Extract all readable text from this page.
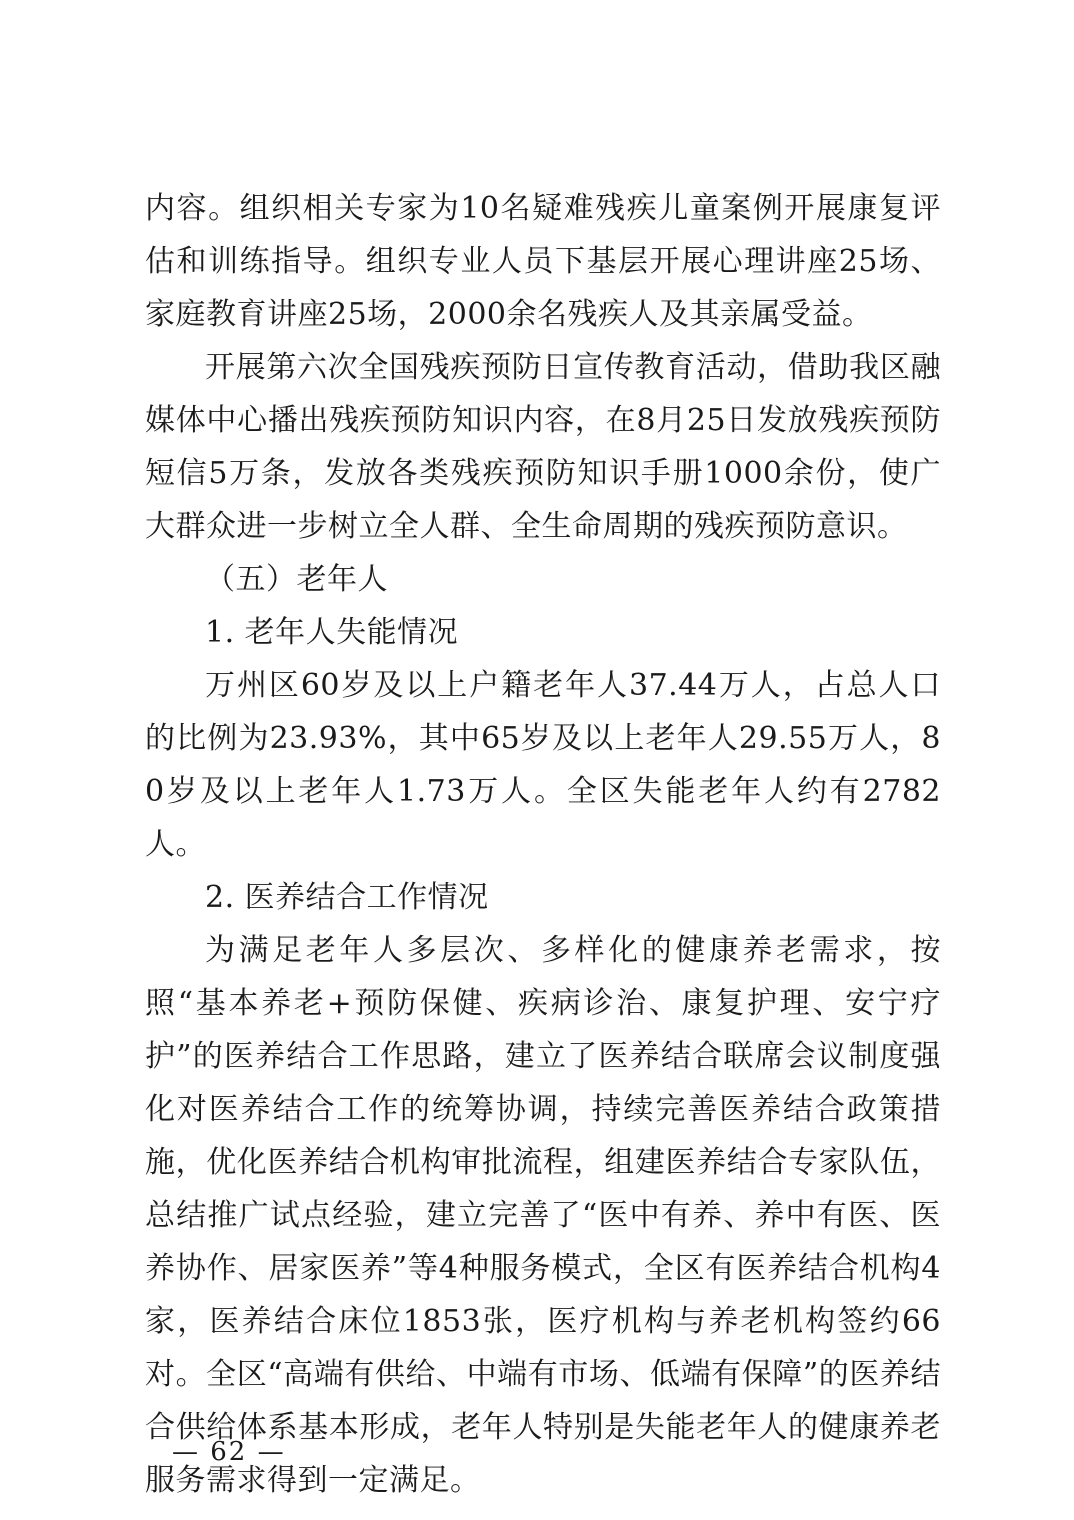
内容。组织相关专家为10名疑难残疾儿童案例开展康复评估和训练指导。组织专业人员下基层开展心理讲座25场、家庭教育讲座25场，2000余名残疾人及其亲属受益。

开展第六次全国残疾预防日宣传教育活动，借助我区融媒体中心播出残疾预防知识内容，在8月25日发放残疾预防短信5万条，发放各类残疾预防知识手册1000余份，使广大群众进一步树立全人群、全生命周期的残疾预防意识。

（五）老年人

1. 老年人失能情况

万州区60岁及以上户籍老年人37.44万人，占总人口的比例为23.93%，其中65岁及以上老年人29.55万人，80岁及以上老年人1.73万人。全区失能老年人约有2782人。

2. 医养结合工作情况

为满足老年人多层次、多样化的健康养老需求，按照“基本养老+预防保健、疾病诊治、康复护理、安宁疗护”的医养结合工作思路，建立了医养结合联席会议制度强化对医养结合工作的统筹协调，持续完善医养结合政策措施，优化医养结合机构审批流程，组建医养结合专家队伍，总结推广试点经验，建立完善了“医中有养、养中有医、医养协作、居家医养”等4种服务模式，全区有医养结合机构4家，医养结合床位1853张，医疗机构与养老机构签约66对。全区“高端有供给、中端有市场、低端有保障”的医养结合供给体系基本形成，老年人特别是失能老年人的健康养老服务需求得到一定满足。

— 62 —
